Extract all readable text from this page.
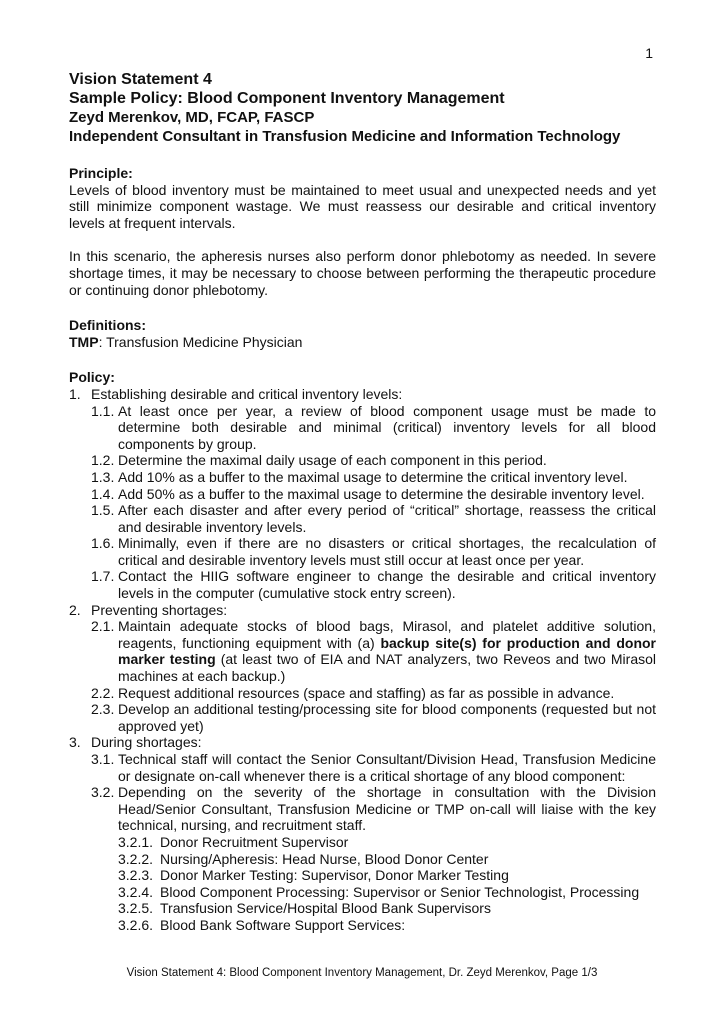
1
Vision Statement 4
Sample Policy: Blood Component Inventory Management
Zeyd Merenkov, MD, FCAP, FASCP
Independent Consultant in Transfusion Medicine and Information Technology
Principle:
Levels of blood inventory must be maintained to meet usual and unexpected needs and yet still minimize component wastage. We must reassess our desirable and critical inventory levels at frequent intervals.
In this scenario, the apheresis nurses also perform donor phlebotomy as needed. In severe shortage times, it may be necessary to choose between performing the therapeutic procedure or continuing donor phlebotomy.
Definitions:
TMP: Transfusion Medicine Physician
Policy:
1. Establishing desirable and critical inventory levels:
1.1. At least once per year, a review of blood component usage must be made to determine both desirable and minimal (critical) inventory levels for all blood components by group.
1.2. Determine the maximal daily usage of each component in this period.
1.3. Add 10% as a buffer to the maximal usage to determine the critical inventory level.
1.4. Add 50% as a buffer to the maximal usage to determine the desirable inventory level.
1.5. After each disaster and after every period of “critical” shortage, reassess the critical and desirable inventory levels.
1.6. Minimally, even if there are no disasters or critical shortages, the recalculation of critical and desirable inventory levels must still occur at least once per year.
1.7. Contact the HIIG software engineer to change the desirable and critical inventory levels in the computer (cumulative stock entry screen).
2. Preventing shortages:
2.1. Maintain adequate stocks of blood bags, Mirasol, and platelet additive solution, reagents, functioning equipment with (a) backup site(s) for production and donor marker testing (at least two of EIA and NAT analyzers, two Reveos and two Mirasol machines at each backup.)
2.2. Request additional resources (space and staffing) as far as possible in advance.
2.3. Develop an additional testing/processing site for blood components (requested but not approved yet)
3. During shortages:
3.1. Technical staff will contact the Senior Consultant/Division Head, Transfusion Medicine or designate on-call whenever there is a critical shortage of any blood component:
3.2. Depending on the severity of the shortage in consultation with the Division Head/Senior Consultant, Transfusion Medicine or TMP on-call will liaise with the key technical, nursing, and recruitment staff.
3.2.1. Donor Recruitment Supervisor
3.2.2. Nursing/Apheresis: Head Nurse, Blood Donor Center
3.2.3. Donor Marker Testing: Supervisor, Donor Marker Testing
3.2.4. Blood Component Processing: Supervisor or Senior Technologist, Processing
3.2.5. Transfusion Service/Hospital Blood Bank Supervisors
3.2.6. Blood Bank Software Support Services:
Vision Statement 4: Blood Component Inventory Management, Dr. Zeyd Merenkov, Page 1/3
